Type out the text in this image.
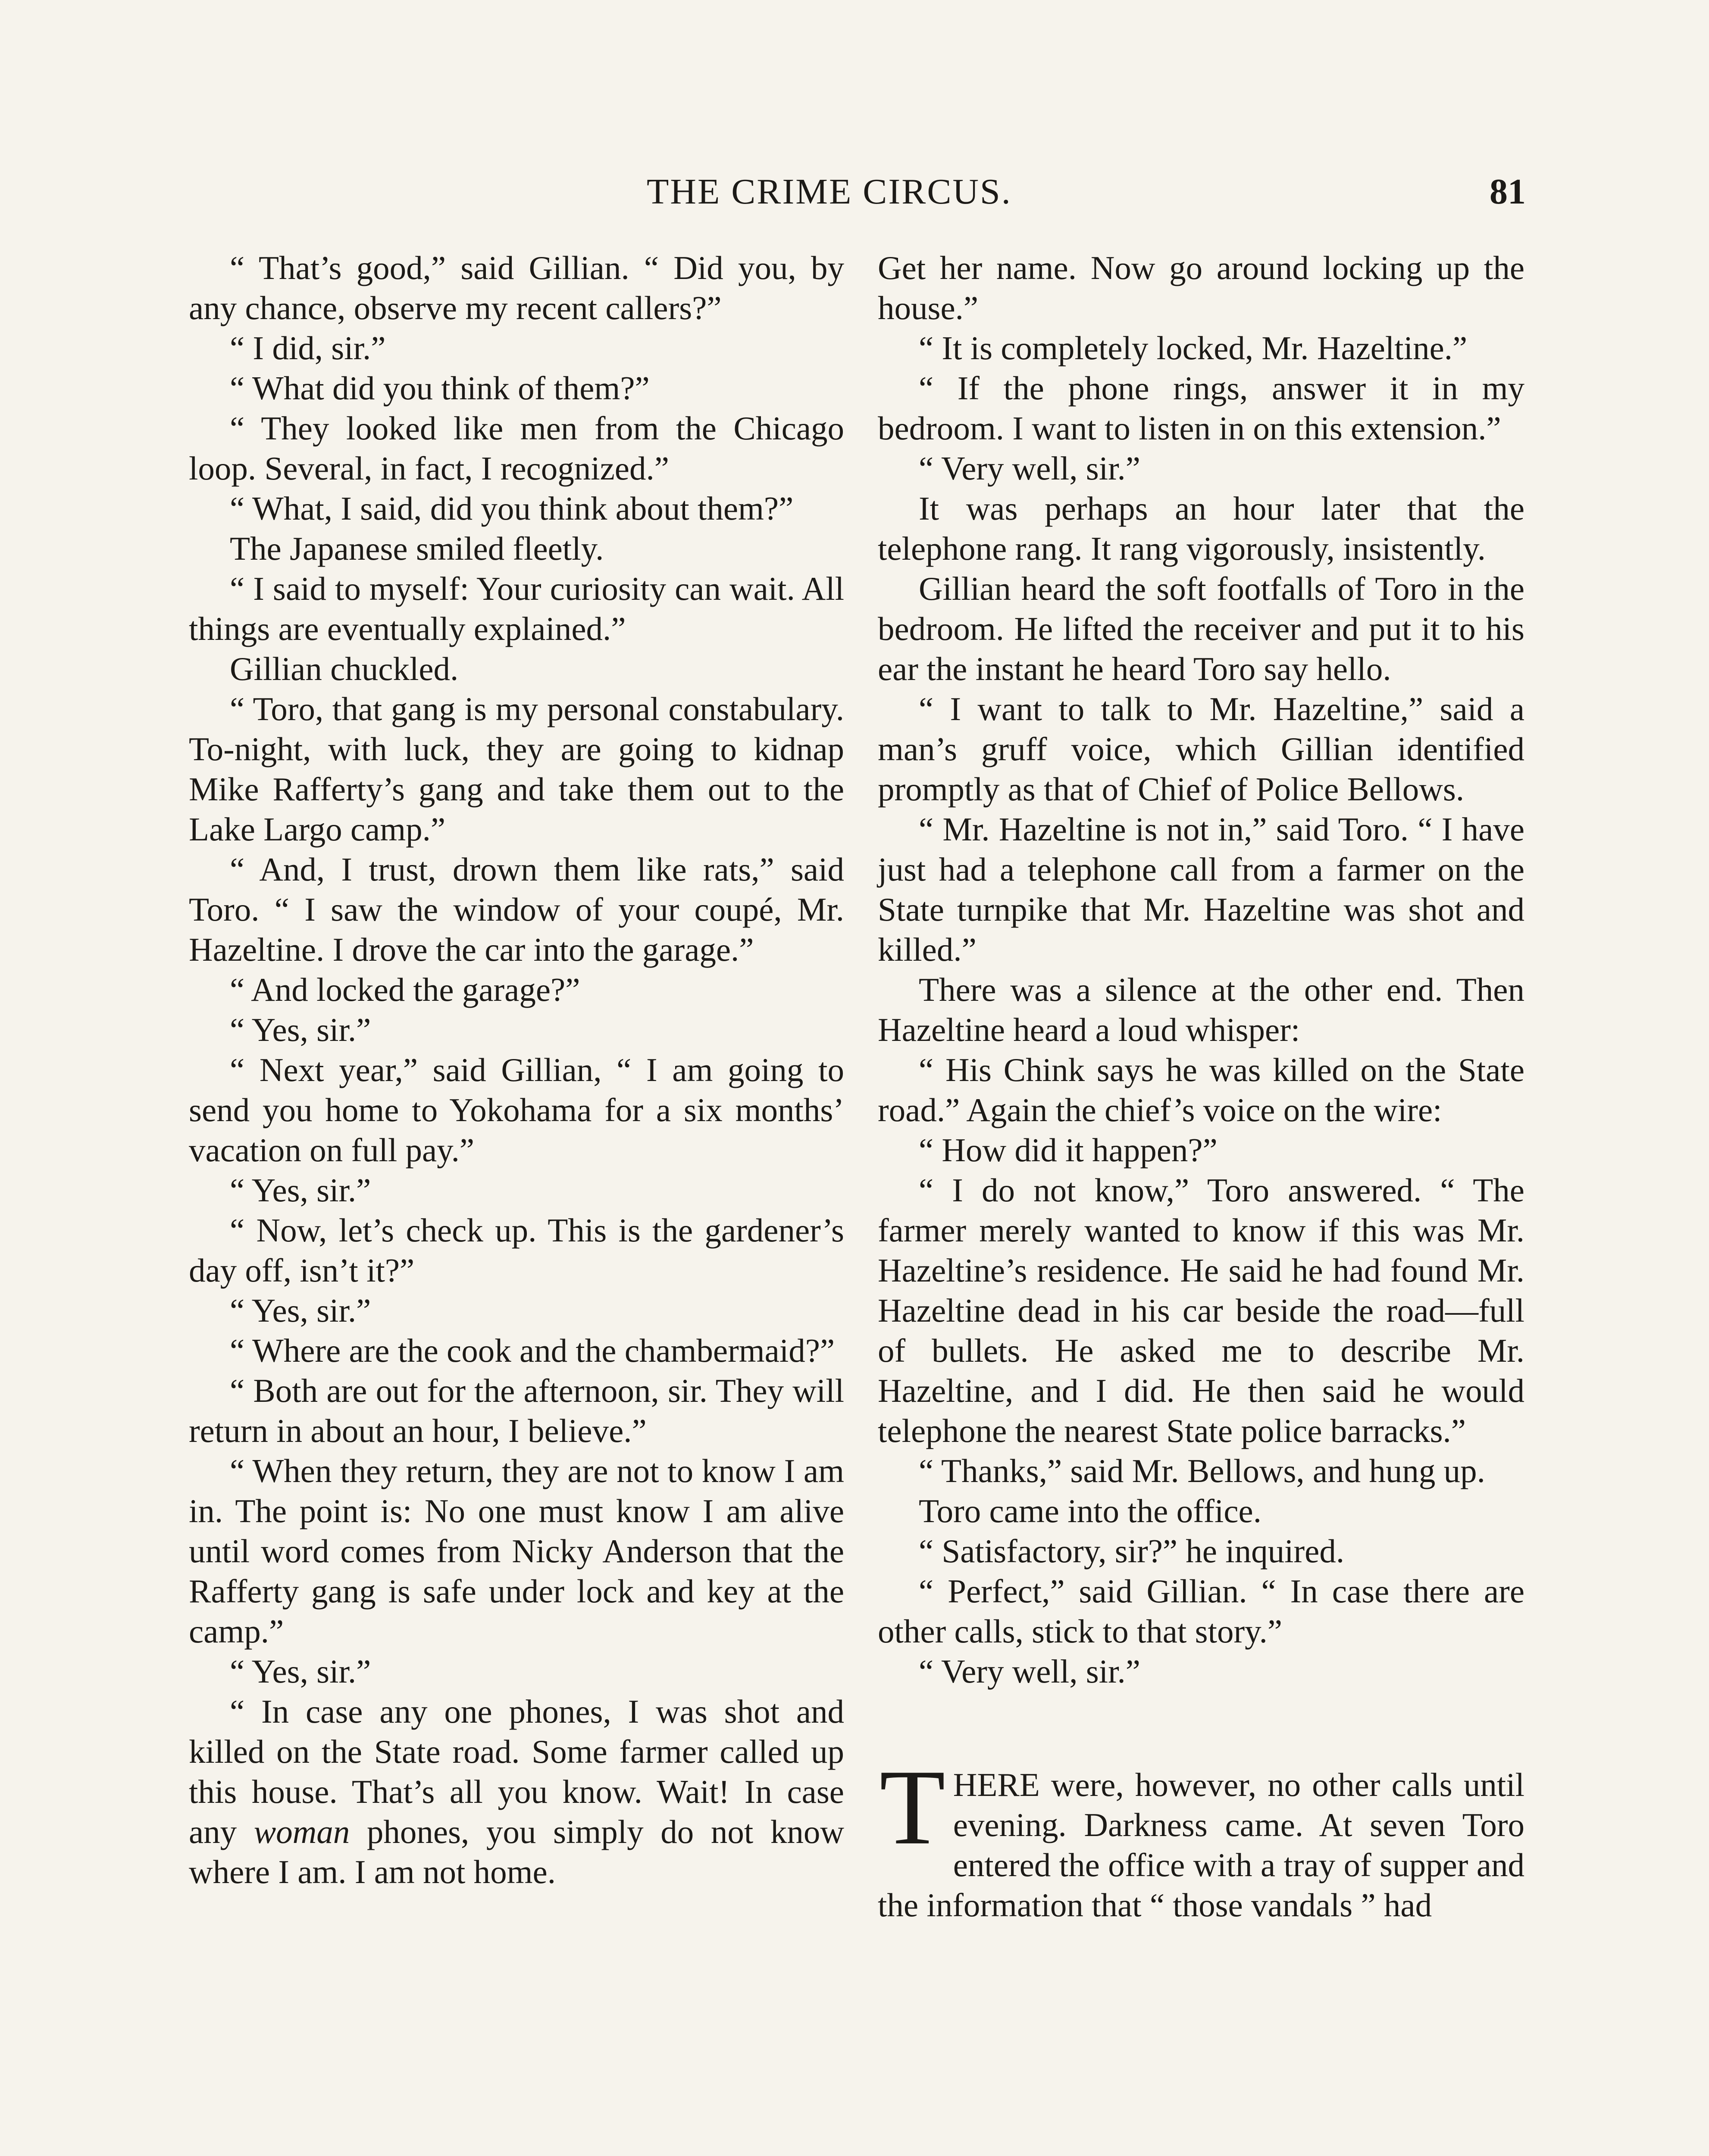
THE CRIME CIRCUS.	81

“ That’s good,” said Gillian. “ Did you, by any chance, observe my recent callers?”

“ I did, sir.”

“ What did you think of them?”

“ They looked like men from the Chicago loop. Several, in fact, I recognized.”

“ What, I said, did you think about them?”

The Japanese smiled fleetly.

“ I said to myself: Your curiosity can wait. All things are eventually explained.”

Gillian chuckled.

“ Toro, that gang is my personal constabulary. To-night, with luck, they are going to kidnap Mike Rafferty’s gang and take them out to the Lake Largo camp.”

“ And, I trust, drown them like rats,” said Toro. “ I saw the window of your coupé, Mr. Hazeltine. I drove the car into the garage.”

“ And locked the garage?”

“ Yes, sir.”

“ Next year,” said Gillian, “ I am going to send you home to Yokohama for a six months’ vacation on full pay.”

“ Yes, sir.”

“ Now, let’s check up. This is the gardener’s day off, isn’t it?”

“ Yes, sir.”

“ Where are the cook and the chambermaid?”

“ Both are out for the afternoon, sir. They will return in about an hour, I believe.”

“ When they return, they are not to know I am in. The point is: No one must know I am alive until word comes from Nicky Anderson that the Rafferty gang is safe under lock and key at the camp.”

“ Yes, sir.”

“ In case any one phones, I was shot and killed on the State road. Some farmer called up this house. That’s all you know. Wait! In case any woman phones, you simply do not know where I am. I am not home.

Get her name. Now go around locking up the house.”

“ It is completely locked, Mr. Hazeltine.”

“ If the phone rings, answer it in my bedroom. I want to listen in on this extension.”

“ Very well, sir.”

It was perhaps an hour later that the telephone rang. It rang vigorously, insistently.

Gillian heard the soft footfalls of Toro in the bedroom. He lifted the receiver and put it to his ear the instant he heard Toro say hello.

“ I want to talk to Mr. Hazeltine,” said a man’s gruff voice, which Gillian identified promptly as that of Chief of Police Bellows.

“ Mr. Hazeltine is not in,” said Toro. “ I have just had a telephone call from a farmer on the State turnpike that Mr. Hazeltine was shot and killed.”

There was a silence at the other end. Then Hazeltine heard a loud whisper:

“ His Chink says he was killed on the State road.” Again the chief’s voice on the wire:

“ How did it happen?”

“ I do not know,” Toro answered. “ The farmer merely wanted to know if this was Mr. Hazeltine’s residence. He said he had found Mr. Hazeltine dead in his car beside the road—full of bullets. He asked me to describe Mr. Hazeltine, and I did. He then said he would telephone the nearest State police barracks.”

“ Thanks,” said Mr. Bellows, and hung up.

Toro came into the office.

“ Satisfactory, sir?” he inquired.

“ Perfect,” said Gillian. “ In case there are other calls, stick to that story.”

“ Very well, sir.”

THERE were, however, no other calls until evening. Darkness came. At seven Toro entered the office with a tray of supper and the information that “ those vandals ” had
